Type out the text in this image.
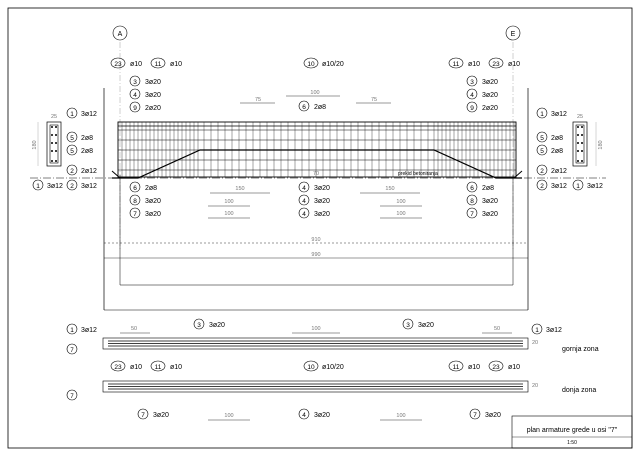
plan armature grede u osi "7"
1:50
A	E
23 ø10 11 ø10	10 ø10/20	11 ø10 23 ø10
3 3ø20
4 3ø20
9 2ø20
3 3ø20
4 3ø20
9 2ø20
6 2ø8
100
75	75
910
990
prekid betoniranja
70
180
25 1 3ø12
5 2ø8
5 2ø8
2 2ø12
1 3ø12 2 3ø12
180
25
1 3ø12
5 2ø8
5 2ø8
2 2ø12
2 3ø12 1 3ø12
6 2ø8
8 3ø20
7 3ø20
6 2ø8
8 3ø20
7 3ø20
4 3ø20
4 3ø20
4 3ø20
150	150
100	100
100	100
1 3ø12
3 3ø20	3 3ø20
1 3ø12
7
50	100	50
gornja zona
20
23 ø10 11 ø10	10 ø10/20	11 ø10 23 ø10
7
donja zona
20
7 3ø20	4 3ø20	7 3ø20
100	100
